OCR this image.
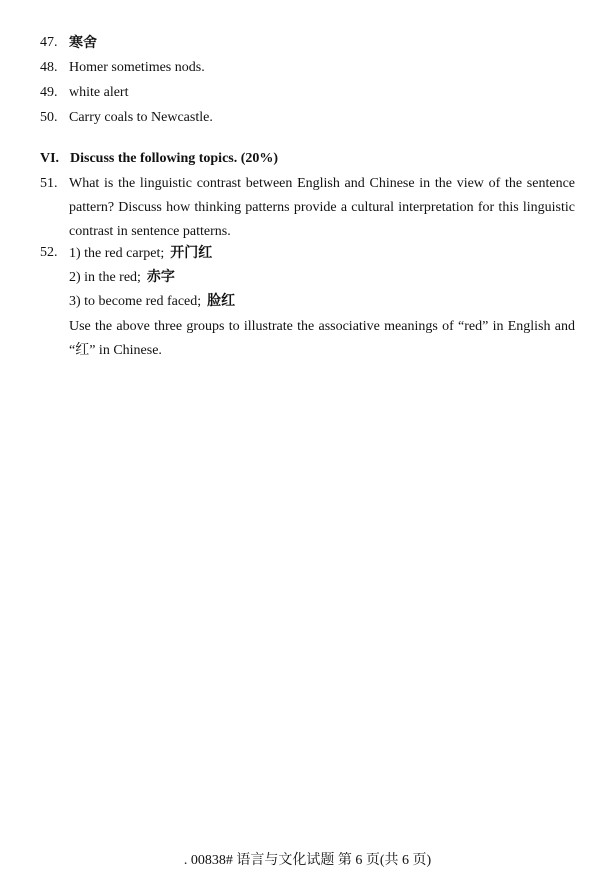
47. 寒舍
48. Homer sometimes nods.
49. white alert
50. Carry coals to Newcastle.
VI. Discuss the following topics. (20%)
51. What is the linguistic contrast between English and Chinese in the view of the sentence pattern? Discuss how thinking patterns provide a cultural interpretation for this linguistic contrast in sentence patterns.
52. 1) the red carpet; 开门红
2) in the red; 赤字
3) to become red faced; 脸红
Use the above three groups to illustrate the associative meanings of “red” in English and “红” in Chinese.
. 00838# 语言与文化试题 第 6 页(共 6 页)
